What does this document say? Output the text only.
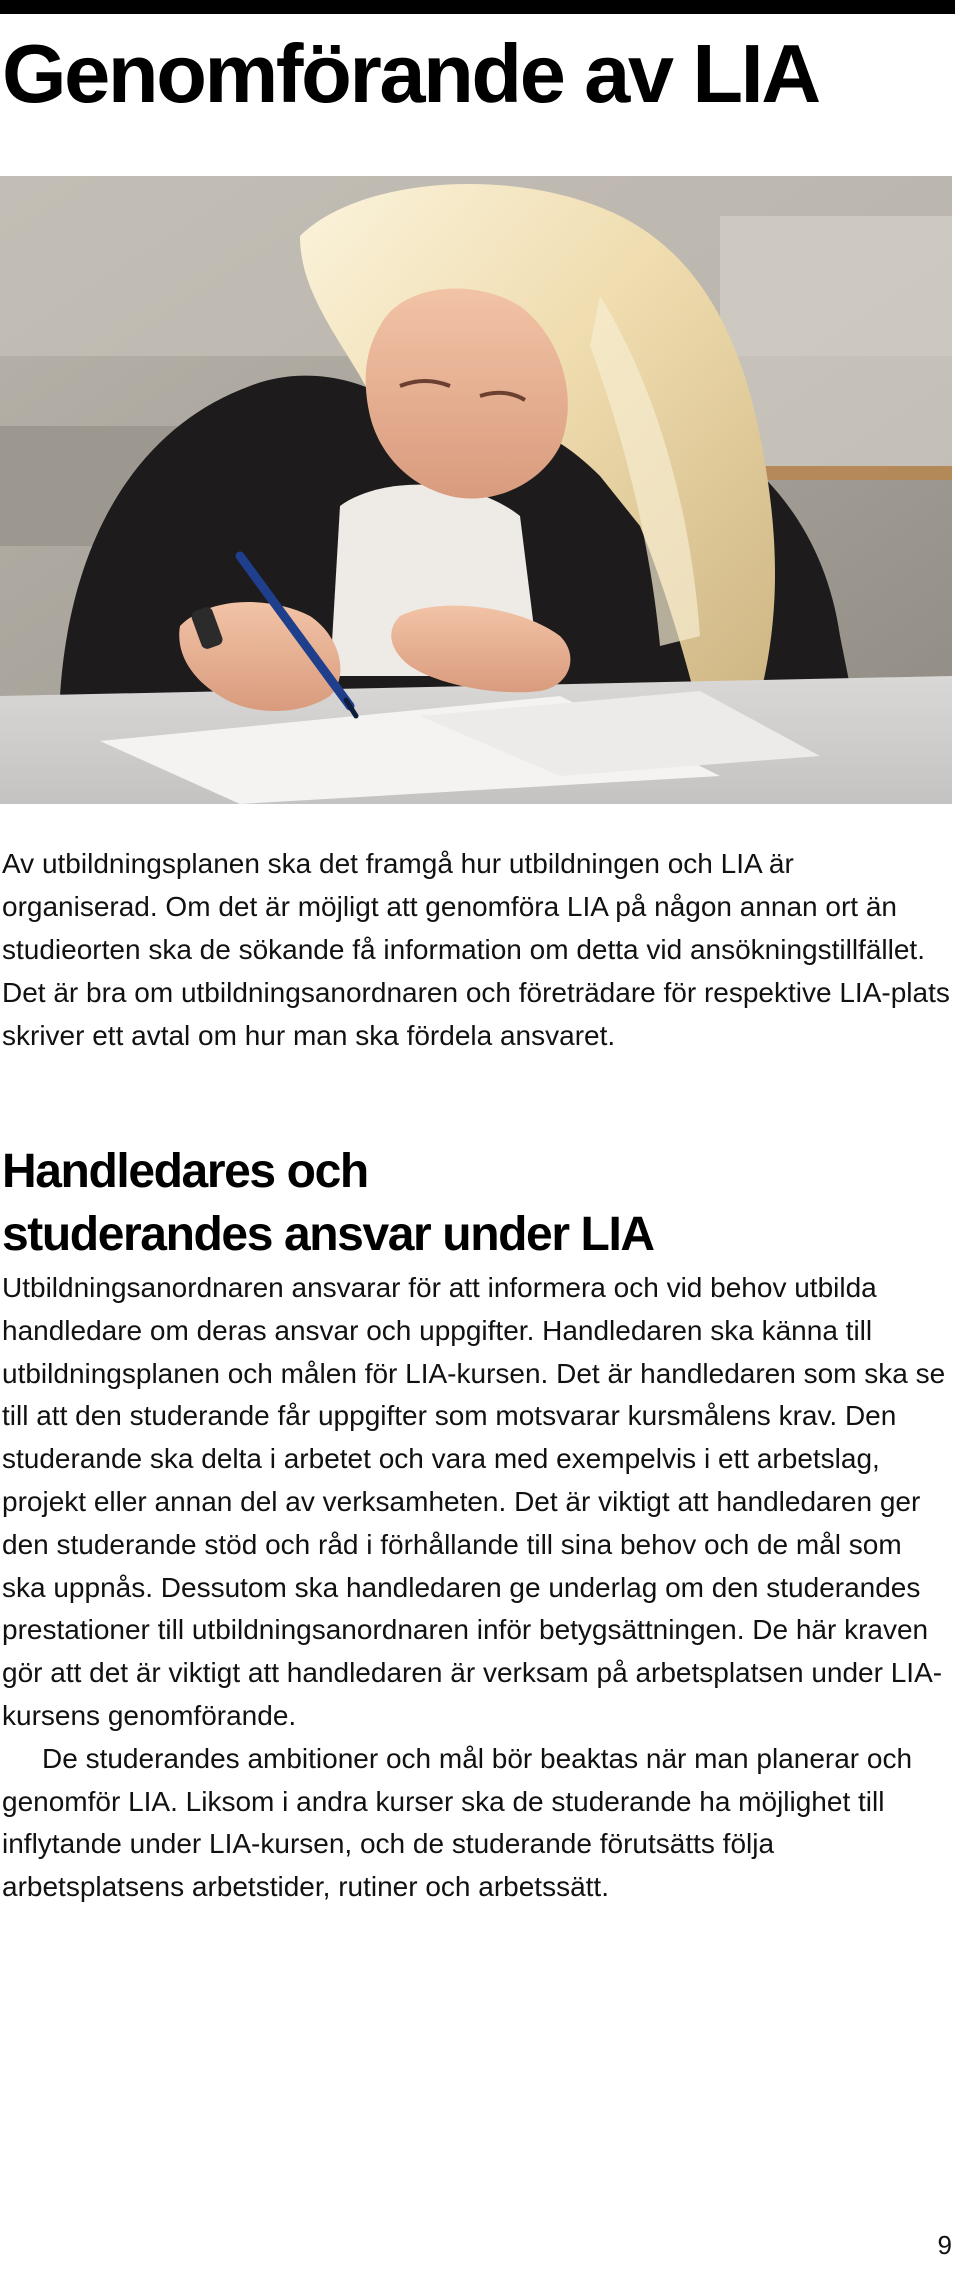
Genomförande av LIA

Av utbildningsplanen ska det framgå hur utbildningen och LIA är organiserad. Om det är möjligt att genomföra LIA på någon annan ort än studieorten ska de sökande få information om detta vid ansökningstillfället. Det är bra om utbildningsanordnaren och företrädare för respektive LIA-plats skriver ett avtal om hur man ska fördela ansvaret.

Handledares och
studerandes ansvar under LIA

Utbildningsanordnaren ansvarar för att informera och vid behov utbilda handledare om deras ansvar och uppgifter. Handledaren ska känna till utbildningsplanen och målen för LIA-kursen. Det är handledaren som ska se till att den studerande får uppgifter som motsvarar kursmålens krav. Den studerande ska delta i arbetet och vara med exempelvis i ett arbetslag, projekt eller annan del av verksamheten. Det är viktigt att handledaren ger den studerande stöd och råd i förhållande till sina behov och de mål som ska uppnås. Dessutom ska handledaren ge underlag om den studerandes prestationer till utbildningsanordnaren inför betygsättningen. De här kraven gör att det är viktigt att handledaren är verksam på arbetsplatsen under LIA-kursens genomförande.

De studerandes ambitioner och mål bör beaktas när man planerar och genomför LIA. Liksom i andra kurser ska de studerande ha möjlighet till inflytande under LIA-kursen, och de studerande förutsätts följa arbetsplatsens arbetstider, rutiner och arbetssätt.

9
